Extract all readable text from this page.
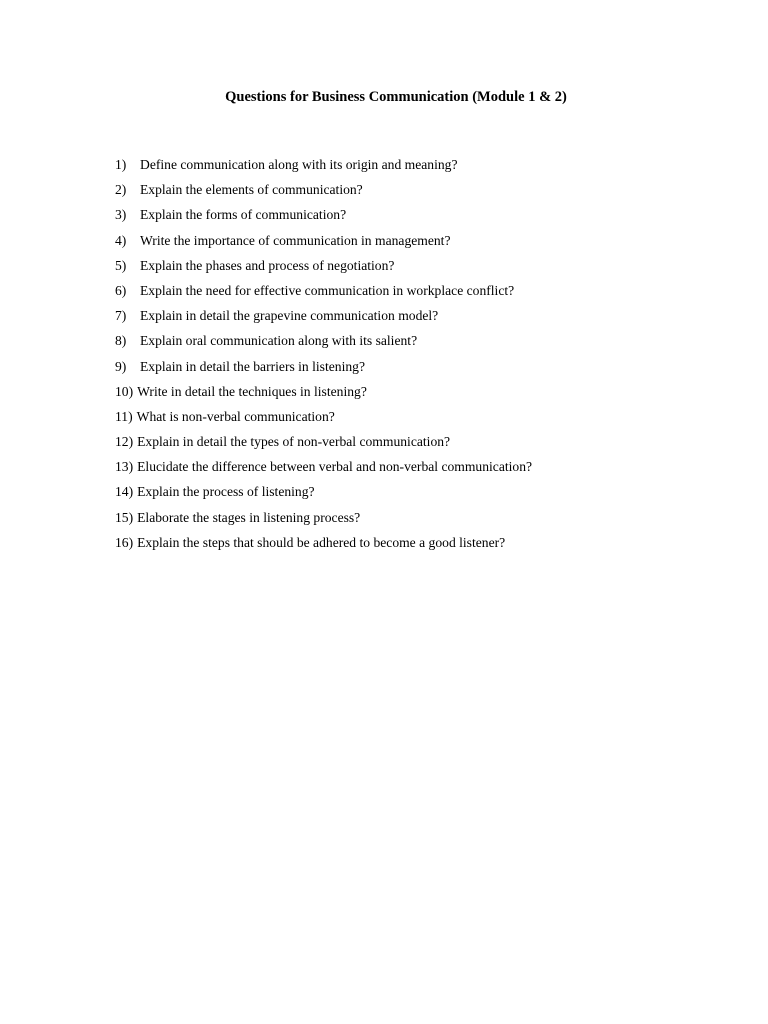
Questions for Business Communication (Module 1 & 2)
1)	Define communication along with its origin and meaning?
2)	Explain the elements of communication?
3)	Explain the forms of communication?
4)	Write the importance of communication in management?
5)	Explain the phases and process of negotiation?
6)	Explain the need for effective communication in workplace conflict?
7)	Explain in detail the grapevine communication model?
8)	Explain oral communication along with its salient?
9)	Explain in detail the barriers in listening?
10) Write in detail the techniques in listening?
11) What is non-verbal communication?
12) Explain in detail the types of non-verbal communication?
13) Elucidate the difference between verbal and non-verbal communication?
14) Explain the process of listening?
15) Elaborate the stages in listening process?
16) Explain the steps that should be adhered to become a good listener?
